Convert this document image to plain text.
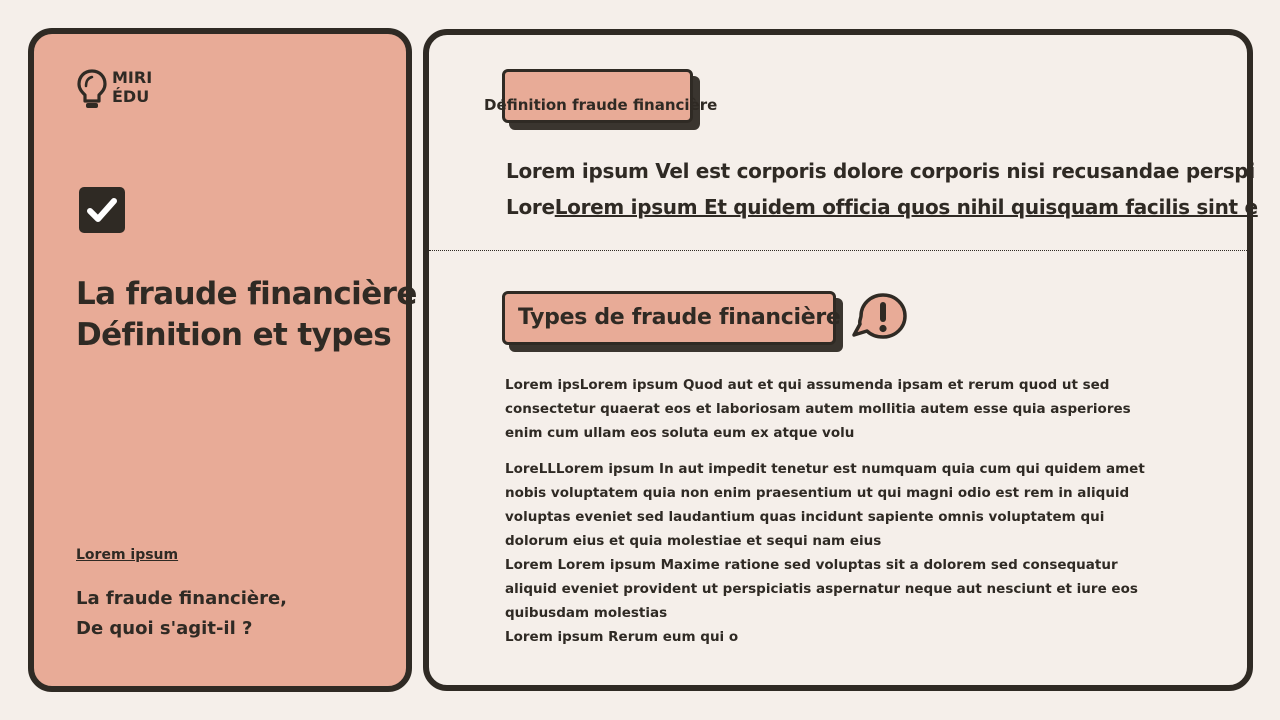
MIRI
ÉDU
La fraude financière
Définition et types
Lorem ipsum
La fraude financière,
De quoi s'agit-il ?
Définition fraude financière
Lorem ipsum Vel est corporis dolore corporis nisi recusandae perspi
LoreLorem ipsum Et quidem officia quos nihil quisquam facilis sint e
Types de fraude financière

Lorem ipsLorem ipsum Quod aut et qui assumenda ipsam et rerum quod ut sed consectetur quaerat eos et laboriosam autem mollitia autem esse quia asperiores enim cum ullam eos soluta eum ex atque volu

LoreLLLorem ipsum In aut impedit tenetur est numquam quia cum qui quidem amet nobis voluptatem quia non enim praesentium ut qui magni odio est rem in aliquid voluptas eveniet sed laudantium quas incidunt sapiente omnis voluptatem qui dolorum eius et quia molestiae et sequi nam eius

Lorem Lorem ipsum Maxime ratione sed voluptas sit a dolorem sed consequatur aliquid eveniet provident ut perspiciatis aspernatur neque aut nesciunt et iure eos quibusdam molestias

Lorem ipsum Rerum eum qui o
